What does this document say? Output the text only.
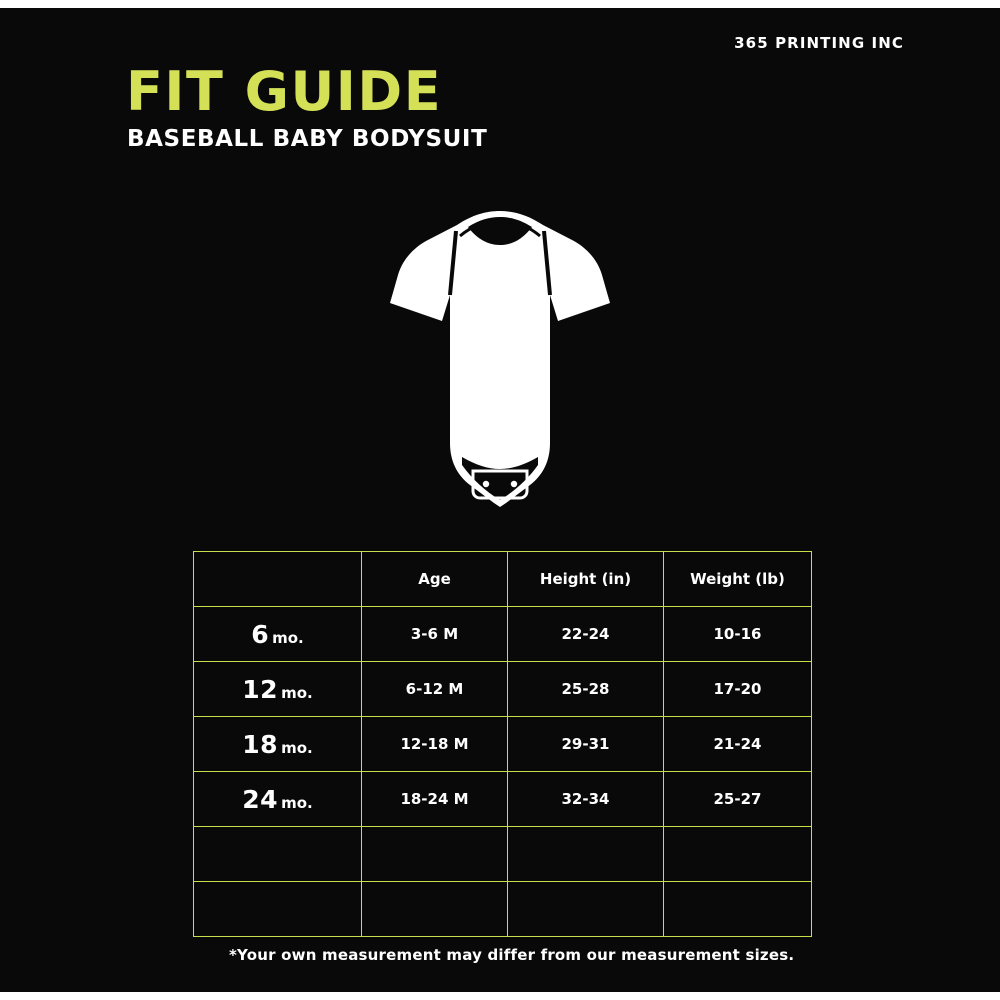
365 PRINTING INC
FIT GUIDE
BASEBALL BABY BODYSUIT
	Age	Height (in)	Weight (lb)
6 mo.	3-6 M	22-24	10-16
12 mo.	6-12 M	25-28	17-20
18 mo.	12-18 M	29-31	21-24
24 mo.	18-24 M	32-34	25-27

*Your own measurement may differ from our measurement sizes.
